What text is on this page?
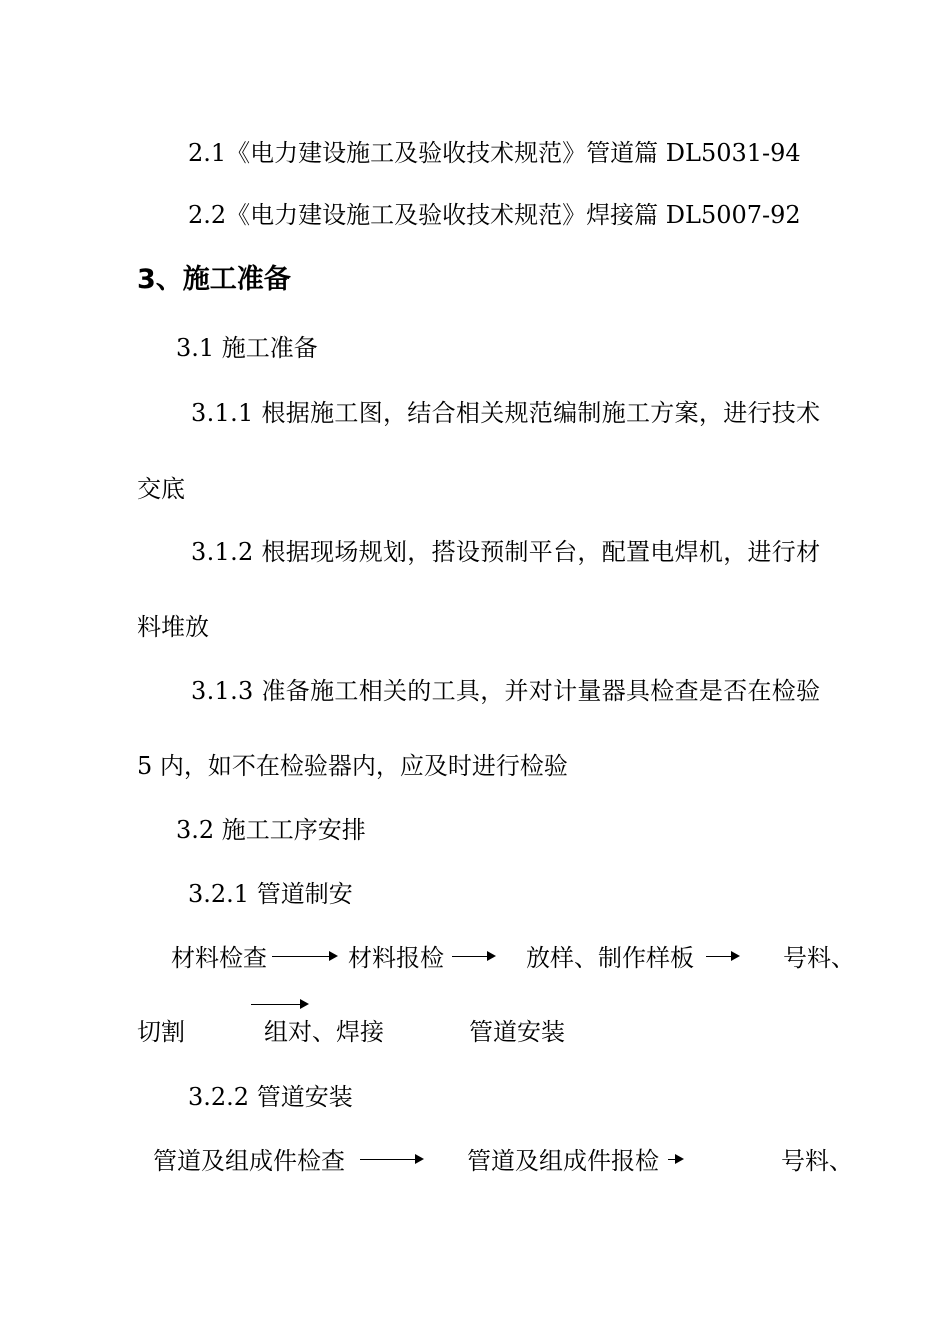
2.1《电力建设施工及验收技术规范》管道篇 DL5031-94
2.2《电力建设施工及验收技术规范》焊接篇 DL5007-92
3、施工准备
3.1 施工准备
3.1.1 根据施工图，结合相关规范编制施工方案，进行技术
交底
3.1.2 根据现场规划，搭设预制平台，配置电焊机，进行材
料堆放
3.1.3 准备施工相关的工具，并对计量器具检查是否在检验
5 内，如不在检验器内，应及时进行检验
3.2 施工工序安排
3.2.1 管道制安
材料检查	材料报检	放样、制作样板	号料、
切割	组对、焊接	管道安装
3.2.2 管道安装
管道及组成件检查	管道及组成件报检	号料、
